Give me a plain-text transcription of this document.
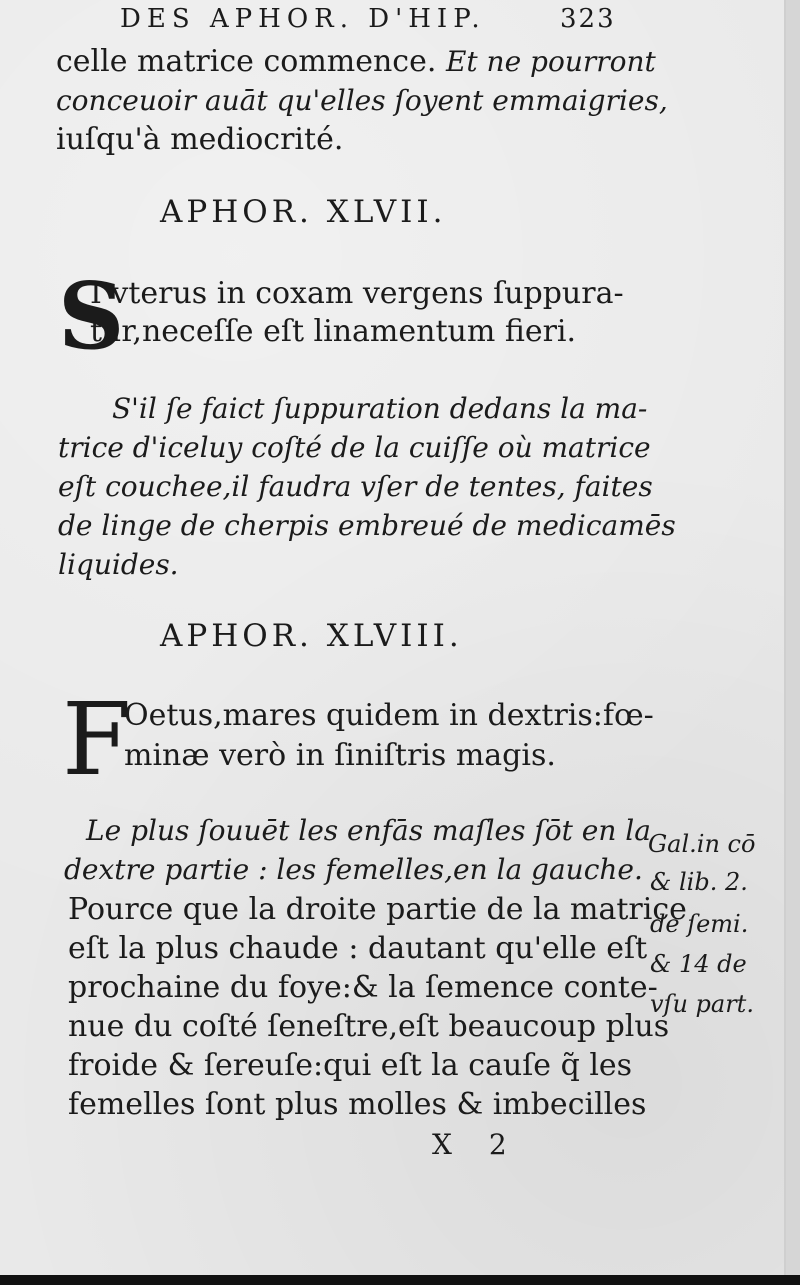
DES APHOR. D'HIP.	323
celle matrice commence. Et ne pourront
conceuoir auāt qu'elles ſoyent emmaigries,
iuſqu'à mediocrité.
APHOR. XLVII.
S
I vterus in coxam vergens ſuppura-
tur,neceſſe eſt linamentum fieri.
S'il ſe faict ſuppuration dedans la ma-
trice d'iceluy coſté de la cuiſſe où matrice
eſt couchee,il faudra vſer de tentes, faites
de linge de cherpis embreué de medicamēs
liquides.
APHOR. XLVIII.
F
Oetus,mares quidem in dextris:fœ-
minæ verò in ſiniſtris magis.
Le plus ſouuēt les enfās maſles ſōt en la
dextre partie : les femelles,en la gauche.
Pource que la droite partie de la matrice
eſt la plus chaude : dautant qu'elle eſt
prochaine du foye:& la ſemence conte-
nue du coſté ſeneſtre,eſt beaucoup plus
froide & ſereuſe:qui eſt la cauſe q̃ les
femelles ſont plus molles & imbecilles
Gal.in cō
& lib. 2.
de ſemi.
& 14 de
vſu part.
X 2
